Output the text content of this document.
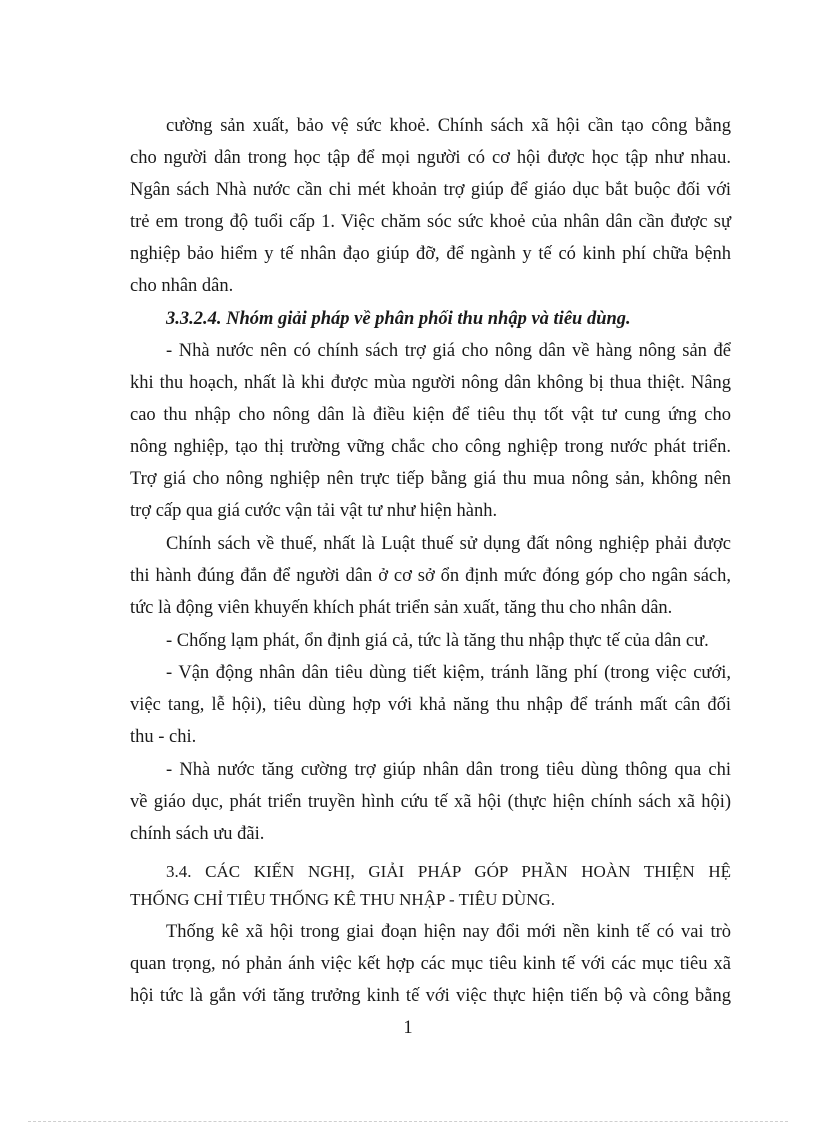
cường sản xuất, bảo vệ sức khoẻ. Chính sách xã hội cần tạo công bằng
cho người dân trong học tập để mọi người có cơ hội được học tập như nhau.
Ngân sách Nhà nước cần chi mét khoản trợ giúp để giáo dục bắt buộc đối với
trẻ em trong độ tuổi cấp 1. Việc chăm sóc sức khoẻ của nhân dân cần được sự
nghiệp bảo hiểm y tế nhân đạo giúp đỡ, để ngành y tế có kinh phí chữa bệnh
cho nhân dân.
3.3.2.4. Nhóm giải pháp về phân phối thu nhập và tiêu dùng.
- Nhà nước nên có chính sách trợ giá cho nông dân về hàng nông sản để
khi thu hoạch, nhất là khi được mùa người nông dân không bị thua thiệt. Nâng
cao thu nhập cho nông dân là điều kiện để tiêu thụ tốt vật tư cung ứng cho
nông nghiệp, tạo thị trường vững chắc cho công nghiệp trong nước phát triển.
Trợ giá cho nông nghiệp nên trực tiếp bằng giá thu mua nông sản, không nên
trợ cấp qua giá cước vận tải vật tư như hiện hành.
Chính sách về thuế, nhất là Luật thuế sử dụng đất nông nghiệp phải được
thi hành đúng đắn để người dân ở cơ sở ổn định mức đóng góp cho ngân sách,
tức là động viên khuyến khích phát triển sản xuất, tăng thu cho nhân dân.
- Chống lạm phát, ổn định giá cả, tức là tăng thu nhập thực tế của dân cư.
- Vận động nhân dân tiêu dùng tiết kiệm, tránh lãng phí (trong việc cưới,
việc tang, lễ hội), tiêu dùng hợp với khả năng thu nhập để tránh mất cân đối
thu - chi.
- Nhà nước tăng cường trợ giúp nhân dân trong tiêu dùng thông qua chi
về giáo dục, phát triển truyền hình cứu tế xã hội (thực hiện chính sách xã hội)
chính sách ưu đãi.
3.4. CÁC KIẾN NGHỊ, GIẢI PHÁP GÓP PHẦN HOÀN THIỆN HỆ
THỐNG CHỈ TIÊU THỐNG KÊ THU NHẬP - TIÊU DÙNG.
Thống kê xã hội trong giai đoạn hiện nay đổi mới nền kinh tế có vai trò
quan trọng, nó phản ánh việc kết hợp các mục tiêu kinh tế với các mục tiêu xã
hội tức là gắn với tăng trưởng kinh tế với việc thực hiện tiến bộ và công bằng
1
